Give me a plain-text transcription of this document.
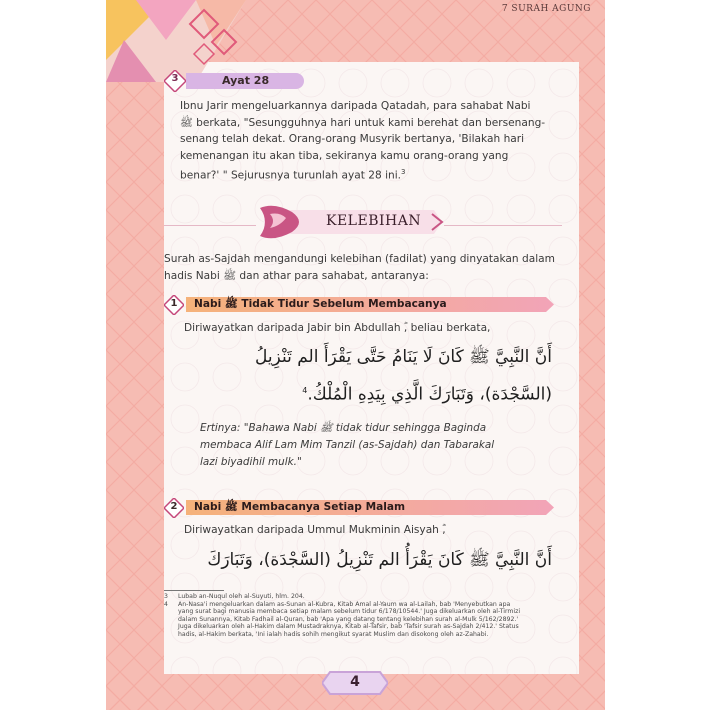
7 SURAH AGUNG
3	Ayat 28
Ibnu Jarir mengeluarkannya daripada Qatadah, para sahabat Nabi
ﷺ berkata, "Sesungguhnya hari untuk kami berehat dan bersenang-
senang telah dekat. Orang-orang Musyrik bertanya, 'Bilakah hari
kemenangan itu akan tiba, sekiranya kamu orang-orang yang
benar?' " Sejurusnya turunlah ayat 28 ini.$^3$
KELEBIHAN
Surah as-Sajdah mengandungi kelebihan (fadilat) yang dinyatakan dalam
hadis Nabi ﷺ dan athar para sahabat, antaranya:
1	Nabi ﷺ Tidak Tidur Sebelum Membacanya
Diriwayatkan daripada Jabir bin Abdullah ؓ, beliau berkata,
أَنَّ النَّبِيَّ ﷺ كَانَ لَا يَنَامُ حَتَّى يَقْرَأَ الم تَنْزِيلُ
(السَّجْدَة)، وَتَبَارَكَ الَّذِي بِيَدِهِ الْمُلْكُ.$^4$
Ertinya: "Bahawa Nabi ﷺ tidak tidur sehingga Baginda
membaca Alif Lam Mim Tanzil (as-Sajdah) dan Tabarakal
lazi biyadihil mulk."
2	Nabi ﷺ Membacanya Setiap Malam
Diriwayatkan daripada Ummul Mukminin Aisyah ؓ,
أَنَّ النَّبِيَّ ﷺ كَانَ يَقْرَأُ الم تَنْزِيلُ (السَّجْدَة)، وَتَبَارَكَ
3 Lubab an-Nuqul oleh al-Suyuti, hlm. 204.
4 An-Nasa'i mengeluarkan dalam as-Sunan al-Kubra, Kitab Amal al-Yaum wa al-Lailah, bab 'Menyebutkan apa
yang surat bagi manusia membaca setiap malam sebelum tidur 6/178/10544.' Juga dikeluarkan oleh al-Tirmizi
dalam Sunannya, Kitab Fadhail al-Quran, bab 'Apa yang datang tentang kelebihan surah al-Mulk 5/162/2892.'
Juga dikeluarkan oleh al-Hakim dalam Mustadraknya, Kitab al-Tafsir, bab 'Tafsir surah as-Sajdah 2/412.' Status
hadis, al-Hakim berkata, 'Ini ialah hadis sohih mengikut syarat Muslim dan disokong oleh az-Zahabi.
4
